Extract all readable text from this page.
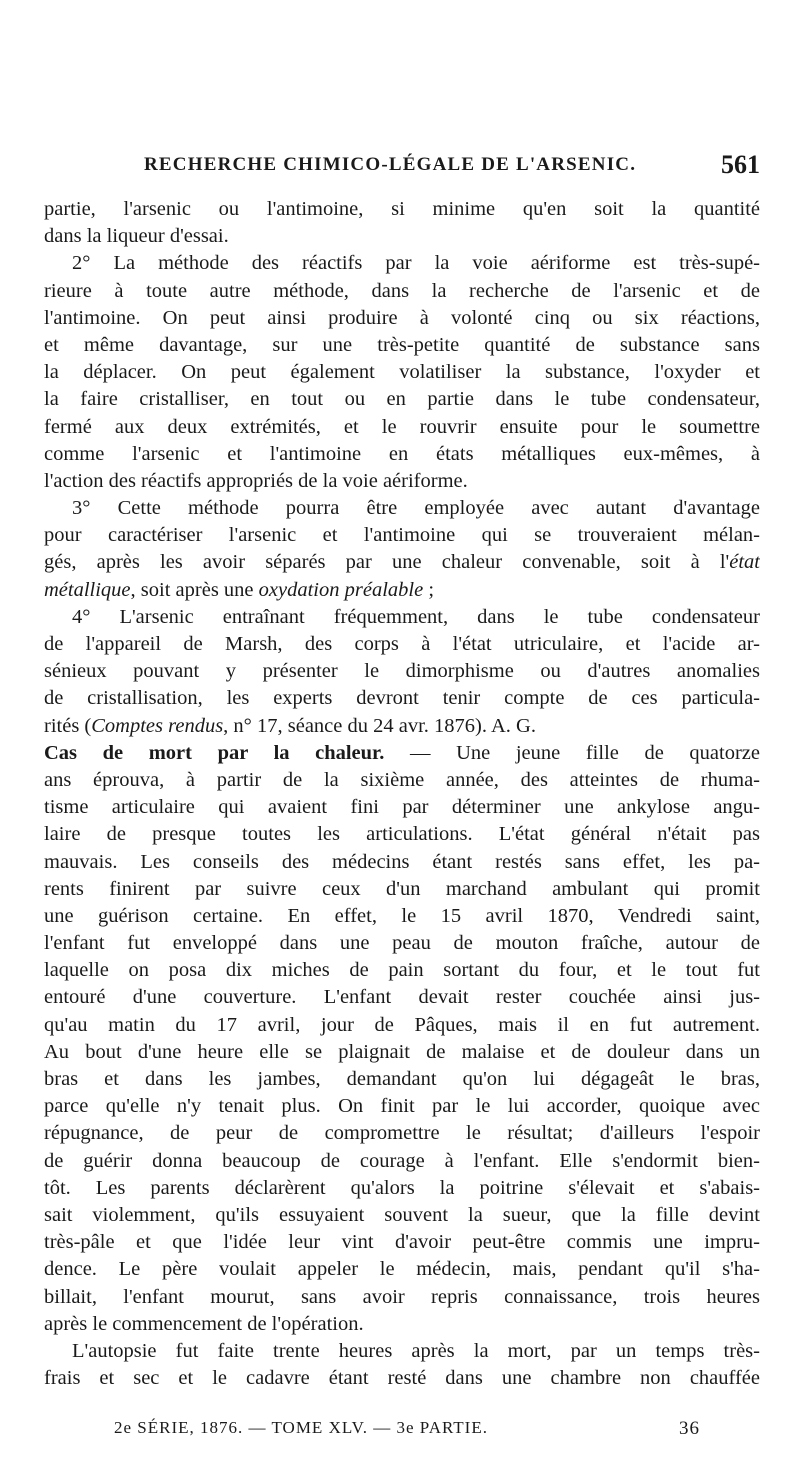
RECHERCHE CHIMICO-LÉGALE DE L'ARSENIC.	561
partie, l'arsenic ou l'antimoine, si minime qu'en soit la quantité
dans la liqueur d'essai.
2° La méthode des réactifs par la voie aériforme est très-supé-
rieure à toute autre méthode, dans la recherche de l'arsenic et de
l'antimoine. On peut ainsi produire à volonté cinq ou six réactions,
et même davantage, sur une très-petite quantité de substance sans
la déplacer. On peut également volatiliser la substance, l'oxyder et
la faire cristalliser, en tout ou en partie dans le tube condensateur,
fermé aux deux extrémités, et le rouvrir ensuite pour le soumettre
comme l'arsenic et l'antimoine en états métalliques eux-mêmes, à
l'action des réactifs appropriés de la voie aériforme.
3° Cette méthode pourra être employée avec autant d'avantage
pour caractériser l'arsenic et l'antimoine qui se trouveraient mélan-
gés, après les avoir séparés par une chaleur convenable, soit à l'état
métallique, soit après une oxydation préalable ;
4° L'arsenic entraînant fréquemment, dans le tube condensateur
de l'appareil de Marsh, des corps à l'état utriculaire, et l'acide ar-
sénieux pouvant y présenter le dimorphisme ou d'autres anomalies
de cristallisation, les experts devront tenir compte de ces particula-
rités (Comptes rendus, n° 17, séance du 24 avr. 1876). A. G.
Cas de mort par la chaleur. — Une jeune fille de quatorze
ans éprouva, à partir de la sixième année, des atteintes de rhuma-
tisme articulaire qui avaient fini par déterminer une ankylose angu-
laire de presque toutes les articulations. L'état général n'était pas
mauvais. Les conseils des médecins étant restés sans effet, les pa-
rents finirent par suivre ceux d'un marchand ambulant qui promit
une guérison certaine. En effet, le 15 avril 1870, Vendredi saint,
l'enfant fut enveloppé dans une peau de mouton fraîche, autour de
laquelle on posa dix miches de pain sortant du four, et le tout fut
entouré d'une couverture. L'enfant devait rester couchée ainsi jus-
qu'au matin du 17 avril, jour de Pâques, mais il en fut autrement.
Au bout d'une heure elle se plaignait de malaise et de douleur dans un
bras et dans les jambes, demandant qu'on lui dégageât le bras,
parce qu'elle n'y tenait plus. On finit par le lui accorder, quoique avec
répugnance, de peur de compromettre le résultat; d'ailleurs l'espoir
de guérir donna beaucoup de courage à l'enfant. Elle s'endormit bien-
tôt. Les parents déclarèrent qu'alors la poitrine s'élevait et s'abais-
sait violemment, qu'ils essuyaient souvent la sueur, que la fille devint
très-pâle et que l'idée leur vint d'avoir peut-être commis une impru-
dence. Le père voulait appeler le médecin, mais, pendant qu'il s'ha-
billait, l'enfant mourut, sans avoir repris connaissance, trois heures
après le commencement de l'opération.
L'autopsie fut faite trente heures après la mort, par un temps très-
frais et sec et le cadavre étant resté dans une chambre non chauffée
2e SÉRIE, 1876. — TOME XLV. — 3e PARTIE.	36
